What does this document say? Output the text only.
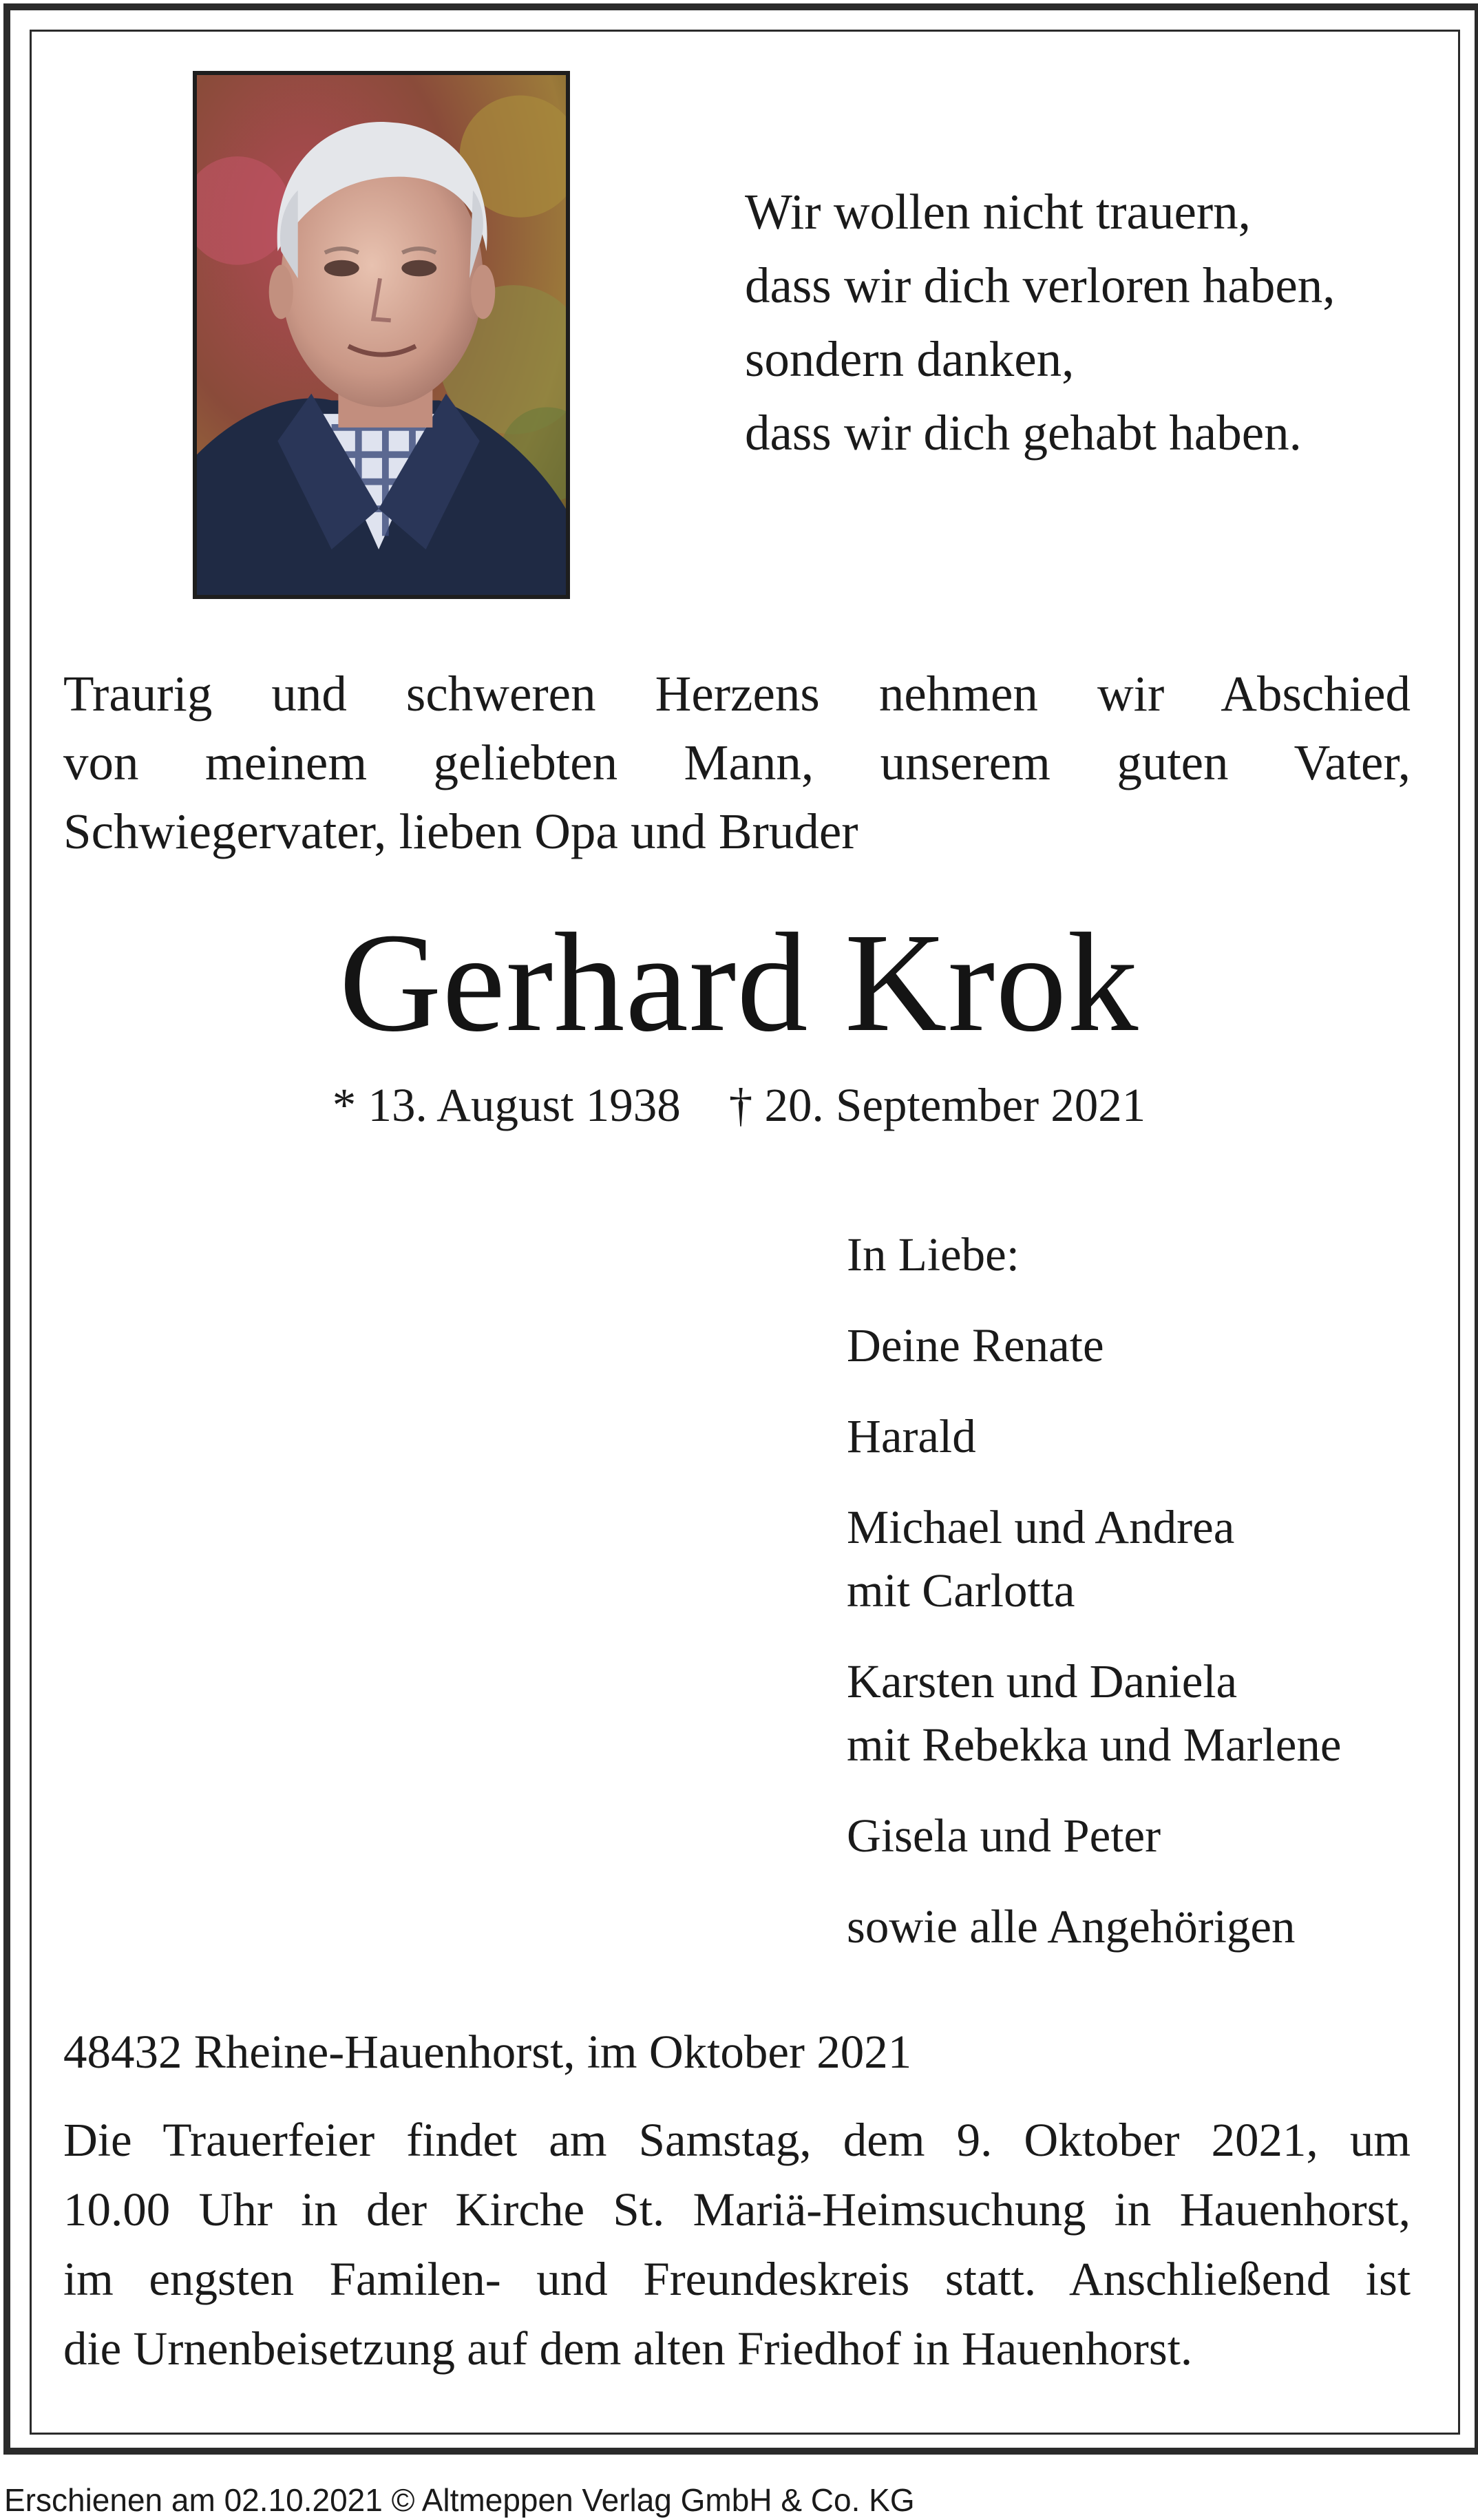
Wir wollen nicht trauern,
dass wir dich verloren haben,
sondern danken,
dass wir dich gehabt haben.
Traurig und schweren Herzens nehmen wir Abschied
von meinem geliebten Mann, unserem guten Vater,
Schwiegervater, lieben Opa und Bruder
Gerhard Krok
* 13. August 1938 † 20. September 2021
In Liebe:
Deine Renate
Harald
Michael und Andrea
mit Carlotta
Karsten und Daniela
mit Rebekka und Marlene
Gisela und Peter
sowie alle Angehörigen
48432 Rheine-Hauenhorst, im Oktober 2021
Die Trauerfeier findet am Samstag, dem 9. Oktober 2021, um
10.00 Uhr in der Kirche St. Mariä-Heimsuchung in Hauenhorst,
im engsten Familen- und Freundeskreis statt. Anschließend ist
die Urnenbeisetzung auf dem alten Friedhof in Hauenhorst.
Erschienen am 02.10.2021 © Altmeppen Verlag GmbH & Co. KG
